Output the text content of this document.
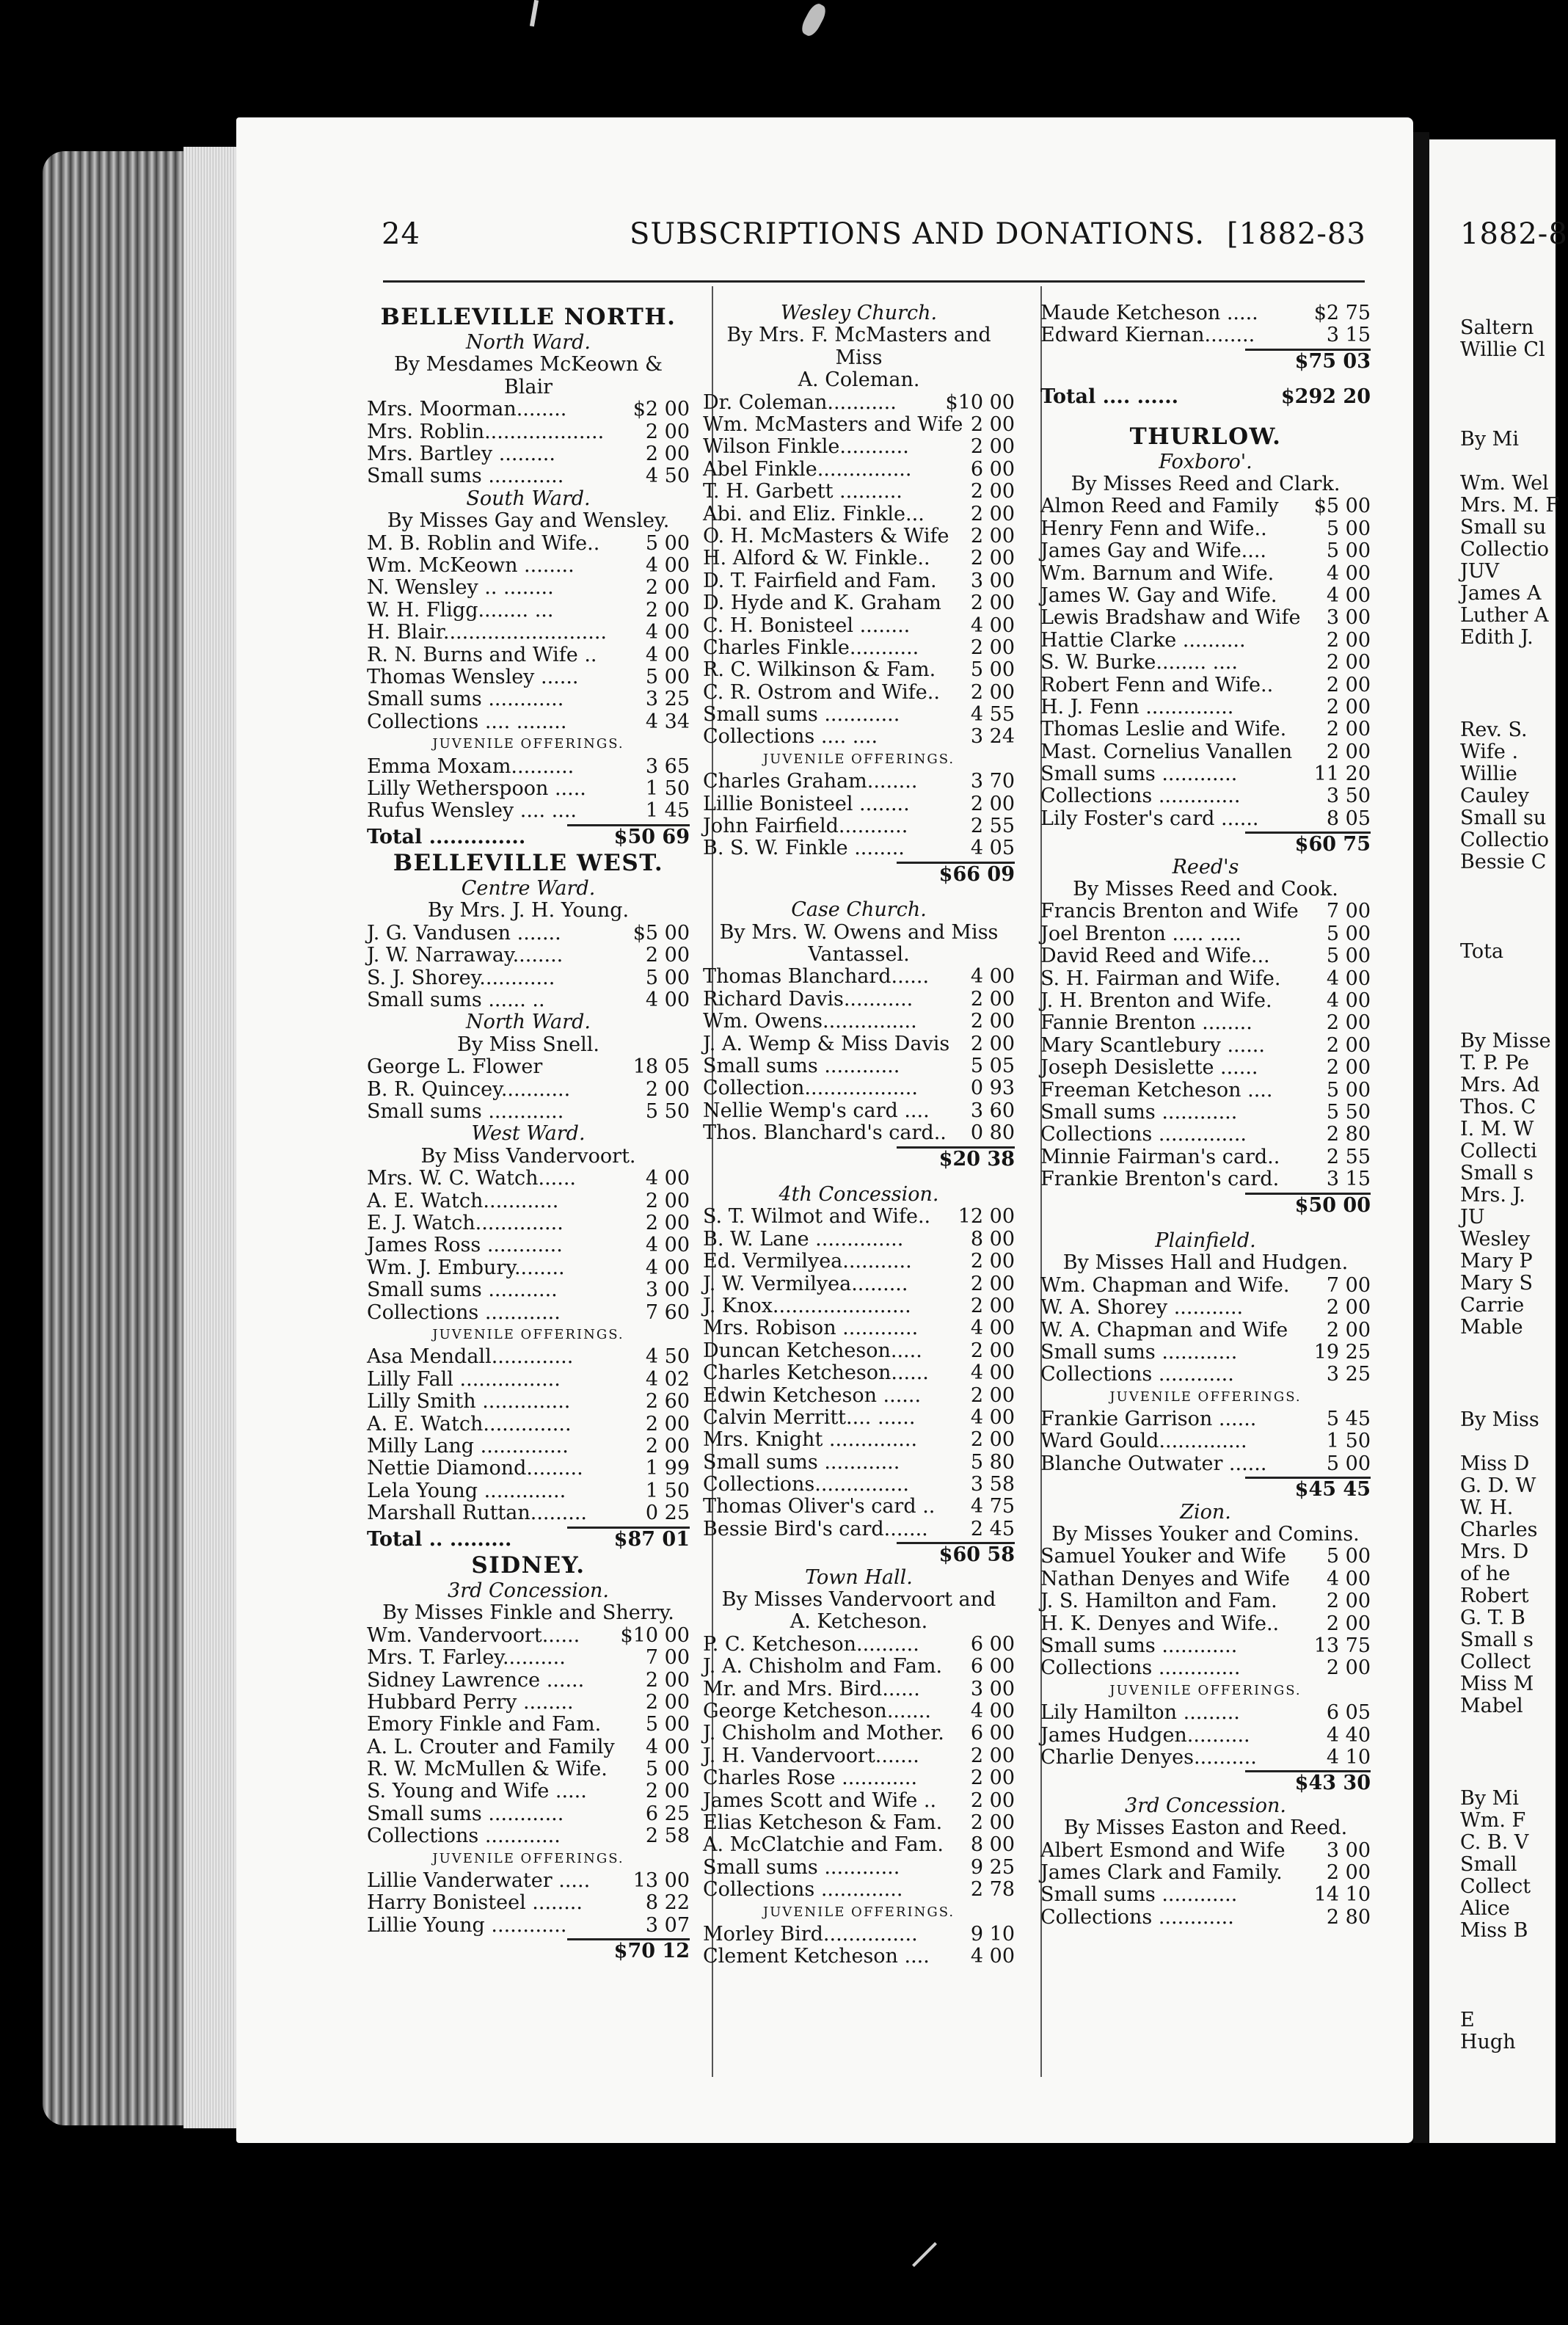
24	SUBSCRIPTIONS AND DONATIONS. [1882-83	1882-8
BELLEVILLE NORTH.
North Ward.
By Mesdames McKeown & Blair
Mrs. Moorman........	$2 00
Mrs. Roblin...................	2 00
Mrs. Bartley .........	2 00
Small sums ............	4 50
South Ward.
By Misses Gay and Wensley.
M. B. Roblin and Wife..	5 00
Wm. McKeown ........	4 00
N. Wensley .. ........	2 00
W. H. Fligg........ ...	2 00
H. Blair..........................	4 00
R. N. Burns and Wife ..	4 00
Thomas Wensley ......	5 00
Small sums ............	3 25
Collections .... ........	4 34
JUVENILE OFFERINGS.
Emma Moxam..........	3 65
Lilly Wetherspoon .....	1 50
Rufus Wensley .... ....	1 45
Total ..............	$50 69
BELLEVILLE WEST.
Centre Ward.
By Mrs. J. H. Young.
J. G. Vandusen .......	$5 00
J. W. Narraway........	2 00
S. J. Shorey............	5 00
Small sums ...... ..	4 00
North Ward.
By Miss Snell.
George L. Flower	18 05
B. R. Quincey...........	2 00
Small sums ............	5 50
West Ward.
By Miss Vandervoort.
Mrs. W. C. Watch......	4 00
A. E. Watch............	2 00
E. J. Watch..............	2 00
James Ross ............	4 00
Wm. J. Embury........	4 00
Small sums ...........	3 00
Collections ............	7 60
JUVENILE OFFERINGS.
Asa Mendall.............	4 50
Lilly Fall ................	4 02
Lilly Smith ..............	2 60
A. E. Watch..............	2 00
Milly Lang ..............	2 00
Nettie Diamond.........	1 99
Lela Young .............	1 50
Marshall Ruttan.........	0 25
Total .. .........	$87 01
SIDNEY.
3rd Concession.
By Misses Finkle and Sherry.
Wm. Vandervoort......	$10 00
Mrs. T. Farley..........	7 00
Sidney Lawrence ......	2 00
Hubbard Perry ........	2 00
Emory Finkle and Fam.	5 00
A. L. Crouter and Family	4 00
R. W. McMullen & Wife.	5 00
S. Young and Wife .....	2 00
Small sums ............	6 25
Collections ............	2 58
JUVENILE OFFERINGS.
Lillie Vanderwater .....	13 00
Harry Bonisteel ........	8 22
Lillie Young ............	3 07
$70 12
Wesley Church.
By Mrs. F. McMasters and Miss
A. Coleman.
Dr. Coleman...........	$10 00
Wm. McMasters and Wife 2 00
Wilson Finkle...........	2 00
Abel Finkle...............	6 00
T. H. Garbett ..........	2 00
Abi. and Eliz. Finkle...	2 00
O. H. McMasters & Wife	2 00
H. Alford & W. Finkle..	2 00
D. T. Fairfield and Fam.	3 00
D. Hyde and K. Graham	2 00
C. H. Bonisteel ........	4 00
Charles Finkle...........	2 00
R. C. Wilkinson & Fam.	5 00
C. R. Ostrom and Wife..	2 00
Small sums ............	4 55
Collections .... ....	3 24
JUVENILE OFFERINGS.
Charles Graham........	3 70
Lillie Bonisteel ........	2 00
John Fairfield...........	2 55
B. S. W. Finkle ........	4 05
$66 09
Case Church.
By Mrs. W. Owens and Miss
Vantassel.
Thomas Blanchard......	4 00
Richard Davis...........	2 00
Wm. Owens...............	2 00
J. A. Wemp & Miss Davis	2 00
Small sums ............	5 05
Collection..................	0 93
Nellie Wemp's card ....	3 60
Thos. Blanchard's card..	0 80
$20 38
4th Concession.
S. T. Wilmot and Wife..	12 00
B. W. Lane ..............	8 00
Ed. Vermilyea...........	2 00
J. W. Vermilyea.........	2 00
J. Knox......................	2 00
Mrs. Robison ............	4 00
Duncan Ketcheson.....	2 00
Charles Ketcheson......	4 00
Edwin Ketcheson ......	2 00
Calvin Merritt.... ......	4 00
Mrs. Knight ..............	2 00
Small sums ............	5 80
Collections...............	3 58
Thomas Oliver's card ..	4 75
Bessie Bird's card.......	2 45
$60 58
Town Hall.
By Misses Vandervoort and
A. Ketcheson.
P. C. Ketcheson..........	6 00
J. A. Chisholm and Fam.	6 00
Mr. and Mrs. Bird......	3 00
George Ketcheson.......	4 00
J. Chisholm and Mother.	6 00
J. H. Vandervoort.......	2 00
Charles Rose ............	2 00
James Scott and Wife ..	2 00
Elias Ketcheson & Fam.	2 00
A. McClatchie and Fam.	8 00
Small sums ............	9 25
Collections .............	2 78
JUVENILE OFFERINGS.
Morley Bird...............	9 10
Clement Ketcheson ....	4 00
Maude Ketcheson .....	$2 75
Edward Kiernan........	3 15
$75 03
Total .... ......	$292 20
THURLOW.
Foxboro'.
By Misses Reed and Clark.
Almon Reed and Family	$5 00
Henry Fenn and Wife..	5 00
James Gay and Wife....	5 00
Wm. Barnum and Wife.	4 00
James W. Gay and Wife.	4 00
Lewis Bradshaw and Wife	3 00
Hattie Clarke ..........	2 00
S. W. Burke........ ....	2 00
Robert Fenn and Wife..	2 00
H. J. Fenn ..............	2 00
Thomas Leslie and Wife.	2 00
Mast. Cornelius Vanallen	2 00
Small sums ............	11 20
Collections .............	3 50
Lily Foster's card ......	8 05
$60 75
Reed's
By Misses Reed and Cook.
Francis Brenton and Wife	7 00
Joel Brenton ..... .....	5 00
David Reed and Wife...	5 00
S. H. Fairman and Wife.	4 00
J. H. Brenton and Wife.	4 00
Fannie Brenton ........	2 00
Mary Scantlebury ......	2 00
Joseph Desislette ......	2 00
Freeman Ketcheson ....	5 00
Small sums ............	5 50
Collections ..............	2 80
Minnie Fairman's card..	2 55
Frankie Brenton's card.	3 15
$50 00
Plainfield.
By Misses Hall and Hudgen.
Wm. Chapman and Wife.	7 00
W. A. Shorey ...........	2 00
W. A. Chapman and Wife	2 00
Small sums ............	19 25
Collections ............	3 25
JUVENILE OFFERINGS.
Frankie Garrison ......	5 45
Ward Gould..............	1 50
Blanche Outwater ......	5 00
$45 45
Zion.
By Misses Youker and Comins.
Samuel Youker and Wife	5 00
Nathan Denyes and Wife	4 00
J. S. Hamilton and Fam.	2 00
H. K. Denyes and Wife..	2 00
Small sums ............	13 75
Collections .............	2 00
JUVENILE OFFERINGS.
Lily Hamilton .........	6 05
James Hudgen..........	4 40
Charlie Denyes..........	4 10
$43 30
3rd Concession.
By Misses Easton and Reed.
Albert Esmond and Wife	3 00
James Clark and Family.	2 00
Small sums ............	14 10
Collections ............	2 80
Saltern
Willie Cl
By Mi
Wm. Wel
Mrs. M. F
Small su
Collectio
JUV
James A
Luther A
Edith J.
Rev. S.
Wife .
Willie
Cauley
Small su
Collectio
Bessie C
Tota
By Misse
T. P. Pe
Mrs. Ad
Thos. C
I. M. W
Collecti
Small s
Mrs. J.
JU
Wesley
Mary P
Mary S
Carrie
Mable
By Miss
Miss D
G. D. W
W. H.
Charles
Mrs. D
of he
Robert
G. T. B
Small s
Collect
Miss M
Mabel
By Mi
Wm. F
C. B. V
Small
Collect
Alice
Miss B
E
Hugh
